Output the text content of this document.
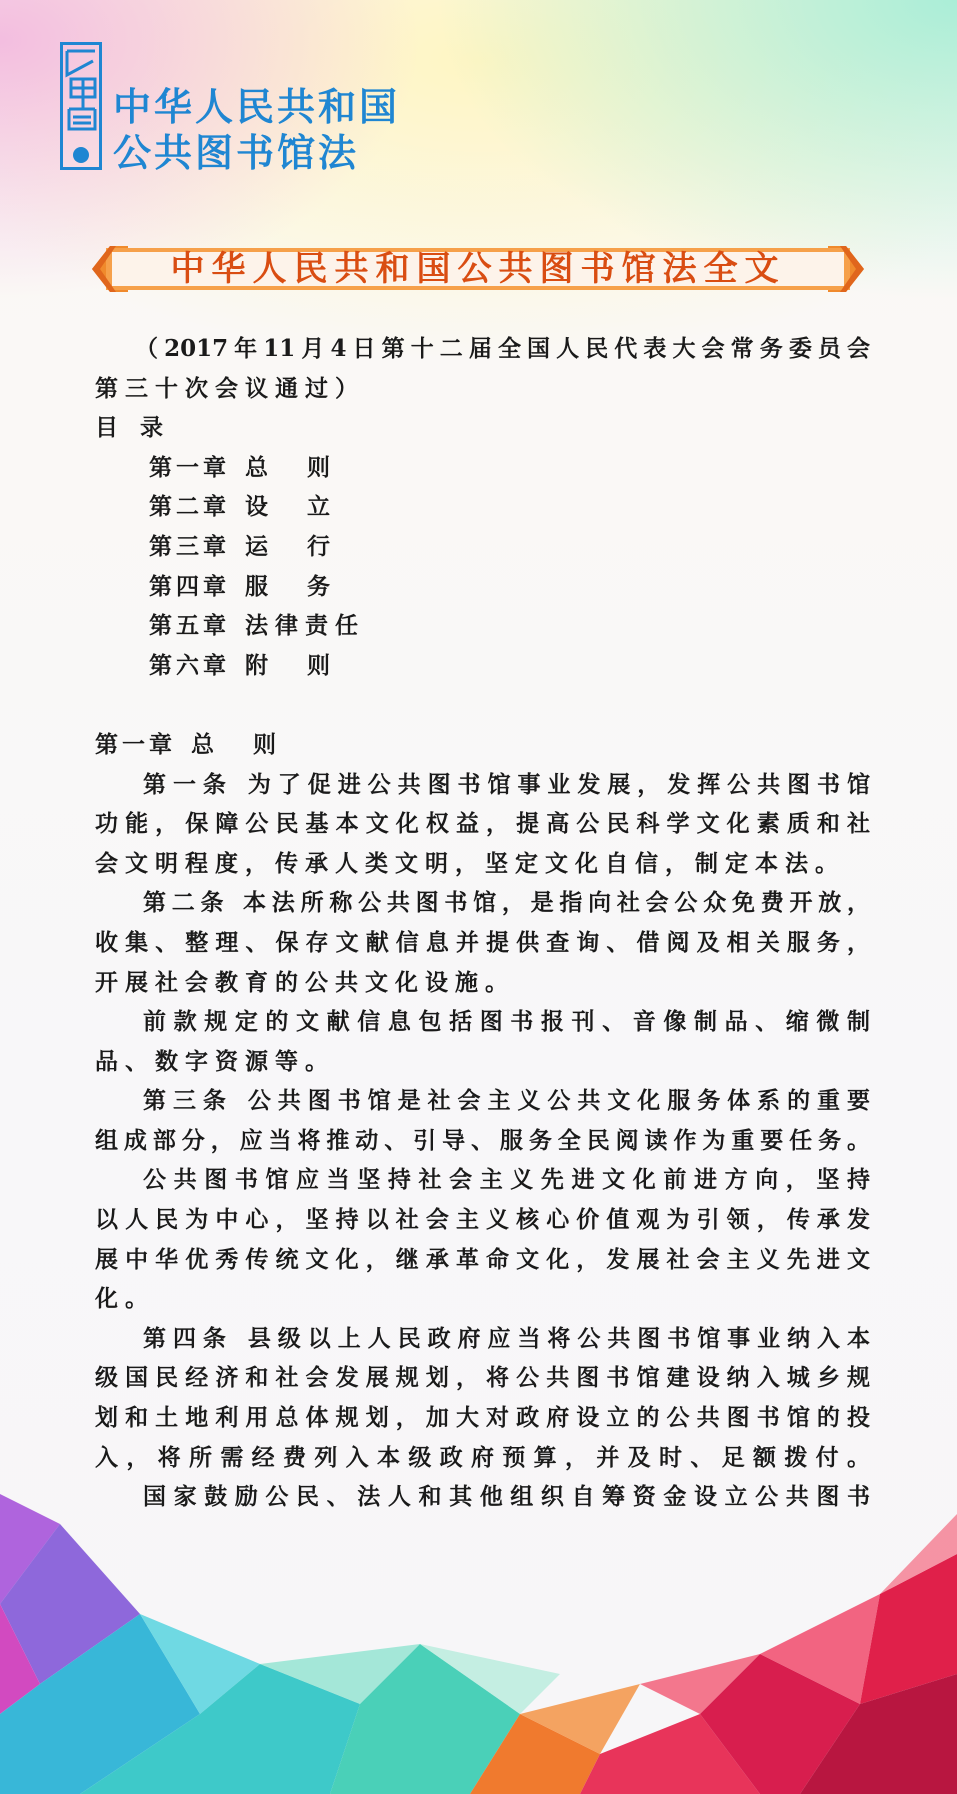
中华人民共和国
公共图书馆法
中华人民共和国公共图书馆法全文
（2017年11月4日第十二届全国人民代表大会常务委员会
第三十次会议通过）
目 录
第一章 总则
第二章 设立
第三章 运行
第四章 服务
第五章 法律责任
第六章 附则
第一章 总则
第一条 为了促进公共图书馆事业发展，发挥公共图书馆
功能，保障公民基本文化权益，提高公民科学文化素质和社
会文明程度，传承人类文明，坚定文化自信，制定本法。
第二条 本法所称公共图书馆，是指向社会公众免费开放，
收集、整理、保存文献信息并提供查询、借阅及相关服务，
开展社会教育的公共文化设施。
前款规定的文献信息包括图书报刊、音像制品、缩微制
品、数字资源等。
第三条 公共图书馆是社会主义公共文化服务体系的重要
组成部分，应当将推动、引导、服务全民阅读作为重要任务。
公共图书馆应当坚持社会主义先进文化前进方向，坚持
以人民为中心，坚持以社会主义核心价值观为引领，传承发
展中华优秀传统文化，继承革命文化，发展社会主义先进文
化。
第四条 县级以上人民政府应当将公共图书馆事业纳入本
级国民经济和社会发展规划，将公共图书馆建设纳入城乡规
划和土地利用总体规划，加大对政府设立的公共图书馆的投
入，将所需经费列入本级政府预算，并及时、足额拨付。
国家鼓励公民、法人和其他组织自筹资金设立公共图书
